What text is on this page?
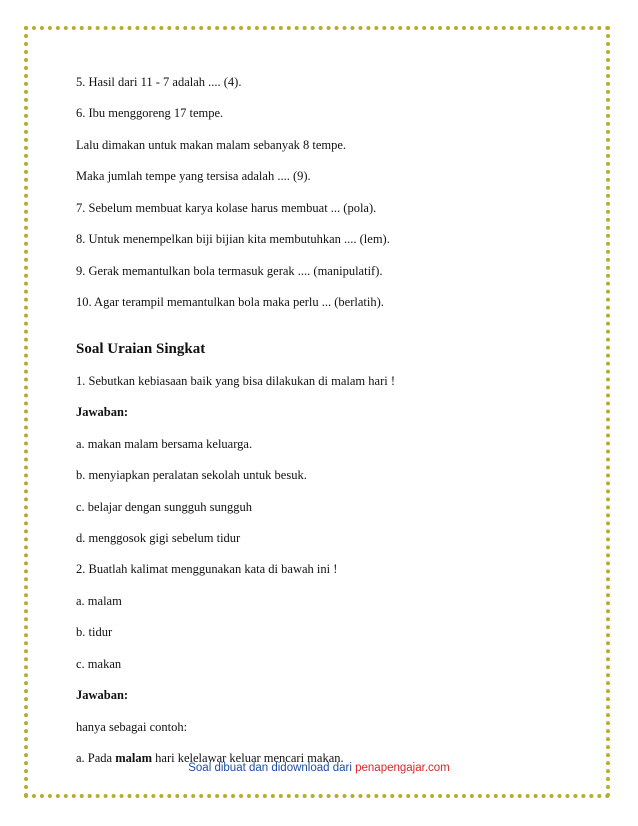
5. Hasil dari 11 - 7 adalah .... (4).
6. Ibu menggoreng 17 tempe.
Lalu dimakan untuk makan malam sebanyak 8 tempe.
Maka jumlah tempe yang tersisa adalah .... (9).
7. Sebelum membuat karya kolase harus membuat ... (pola).
8. Untuk menempelkan biji bijian kita membutuhkan .... (lem).
9. Gerak memantulkan bola termasuk gerak .... (manipulatif).
10. Agar terampil memantulkan bola maka perlu ... (berlatih).
Soal Uraian Singkat
1. Sebutkan kebiasaan baik yang bisa dilakukan di malam hari !
Jawaban:
a. makan malam bersama keluarga.
b. menyiapkan peralatan sekolah untuk besuk.
c. belajar dengan sungguh sungguh
d. menggosok gigi sebelum tidur
2. Buatlah kalimat menggunakan kata di bawah ini !
a. malam
b. tidur
c. makan
Jawaban:
hanya sebagai contoh:
a. Pada malam hari kelelawar keluar mencari makan.
Soal dibuat dan didownload dari penapengajar.com
